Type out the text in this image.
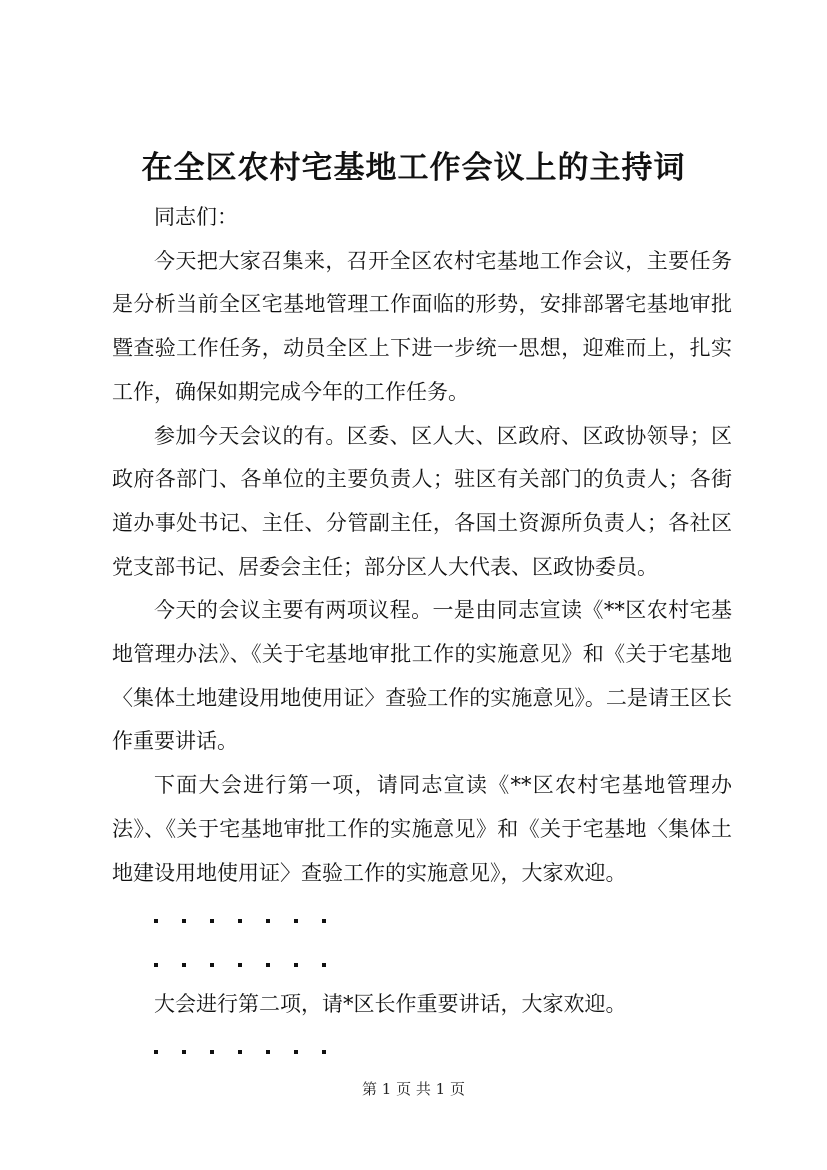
在全区农村宅基地工作会议上的主持词

同志们：

今天把大家召集来，召开全区农村宅基地工作会议，主要任务是分析当前全区宅基地管理工作面临的形势，安排部署宅基地审批暨查验工作任务，动员全区上下进一步统一思想，迎难而上，扎实工作，确保如期完成今年的工作任务。

参加今天会议的有。区委、区人大、区政府、区政协领导；区政府各部门、各单位的主要负责人；驻区有关部门的负责人；各街道办事处书记、主任、分管副主任，各国土资源所负责人；各社区党支部书记、居委会主任；部分区人大代表、区政协委员。

今天的会议主要有两项议程。一是由同志宣读《**区农村宅基地管理办法》、《关于宅基地审批工作的实施意见》和《关于宅基地〈集体土地建设用地使用证〉查验工作的实施意见》。二是请王区长作重要讲话。

下面大会进行第一项，请同志宣读《**区农村宅基地管理办法》、《关于宅基地审批工作的实施意见》和《关于宅基地〈集体土地建设用地使用证〉查验工作的实施意见》，大家欢迎。

大会进行第二项，请*区长作重要讲话，大家欢迎。

第 1 页 共 1 页
